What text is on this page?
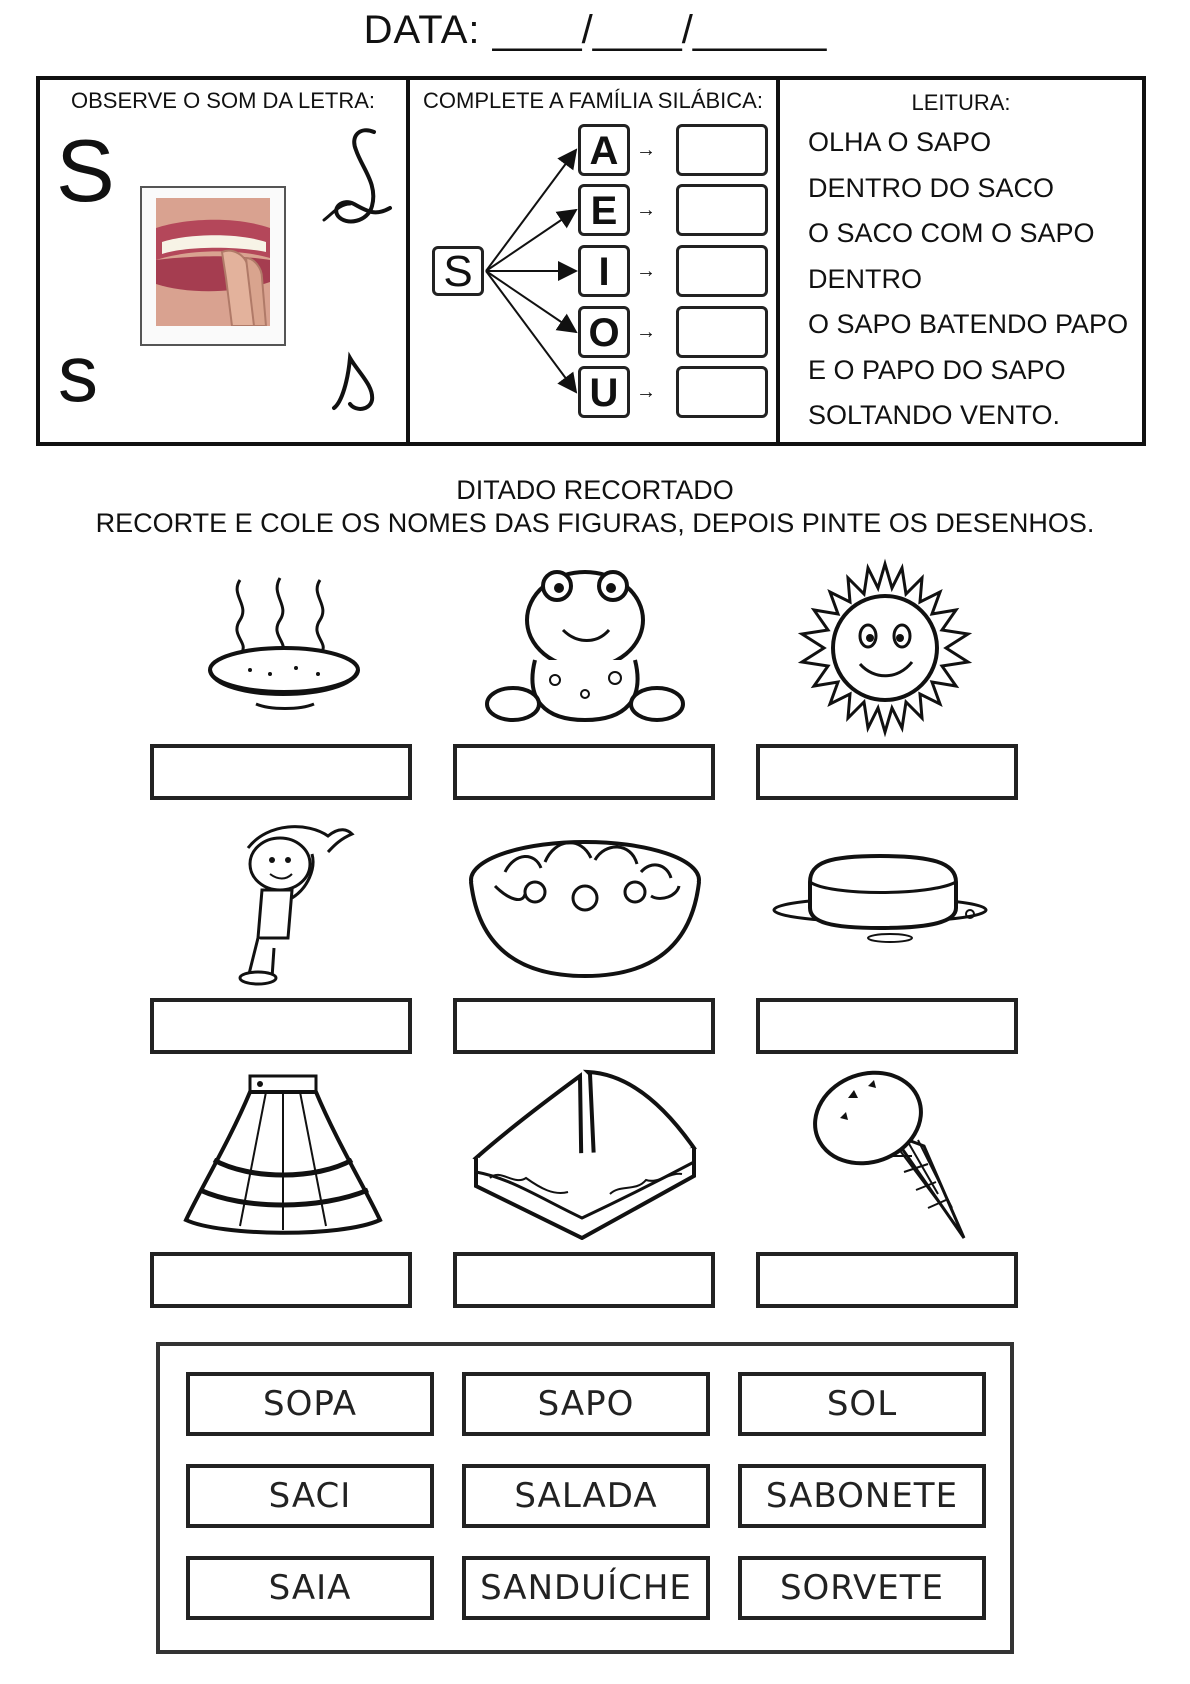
DATA: ____/____/______
OBSERVE O SOM DA LETRA:
S
s
COMPLETE A FAMÍLIA SILÁBICA:
S
A
E
I
O
U
→
→
→
→
→
LEITURA:
OLHA O SAPO
DENTRO DO SACO
O SACO COM O SAPO
DENTRO
O SAPO BATENDO PAPO
E O PAPO DO SAPO
SOLTANDO VENTO.
DITADO RECORTADO
RECORTE E COLE OS NOMES DAS FIGURAS, DEPOIS PINTE OS DESENHOS.
SOPA	SAPO	SOL
SACI	SALADA	SABONETE
SAIA	SANDUÍCHE	SORVETE
